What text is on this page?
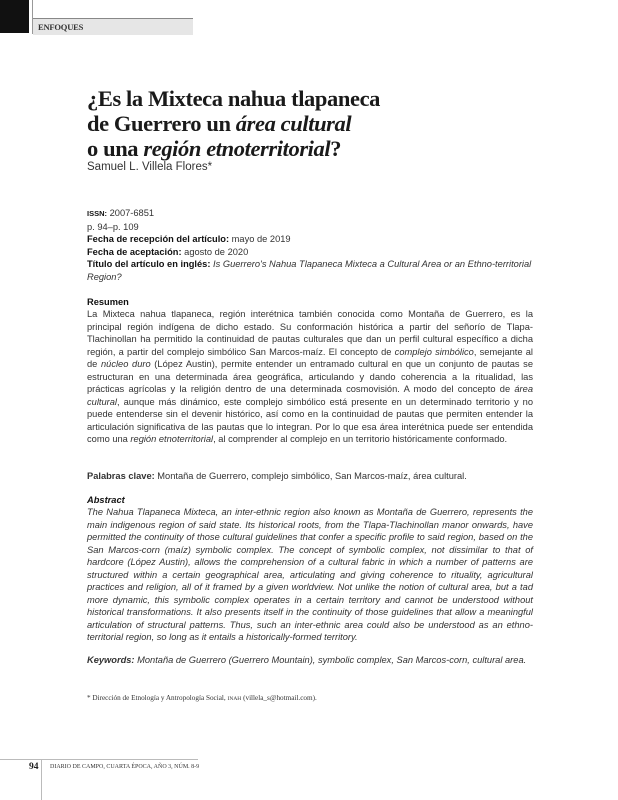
ENFOQUES
¿Es la Mixteca nahua tlapaneca
de Guerrero un área cultural
o una región etnoterritorial?
Samuel L. Villela Flores*
ISSN: 2007-6851
p. 94–p. 109
Fecha de recepción del artículo: mayo de 2019
Fecha de aceptación: agosto de 2020
Título del artículo en inglés: Is Guerrero's Nahua Tlapaneca Mixteca a Cultural Area or an Ethno-territorial Region?
Resumen

La Mixteca nahua tlapaneca, región interétnica también conocida como Montaña de Guerrero, es la principal región indígena de dicho estado. Su conformación histórica a partir del señorío de Tlapa-Tlachinollan ha permitido la continuidad de pautas culturales que dan un perfil cultural específico a dicha región, a partir del complejo simbólico San Marcos-maíz. El concepto de complejo simbólico, semejante al de núcleo duro (López Austin), permite entender un entramado cultural en que un conjunto de pautas se estructuran en una determinada área geográfica, articulando y dando coherencia a la ritualidad, las prácticas agrícolas y la religión dentro de una determinada cosmovisión. A modo del concepto de área cultural, aunque más dinámico, este complejo simbólico está presente en un determinado territorio y no puede entenderse sin el devenir histórico, así como en la continuidad de pautas que permiten entender la articulación significativa de las pautas que lo integran. Por lo que esa área interétnica puede ser entendida como una región etnoterritorial, al comprender al complejo en un territorio históricamente conformado.

Palabras clave: Montaña de Guerrero, complejo simbólico, San Marcos-maíz, área cultural.

Abstract

The Nahua Tlapaneca Mixteca, an inter-ethnic region also known as Montaña de Guerrero, represents the main indigenous region of said state. Its historical roots, from the Tlapa-Tlachinollan manor onwards, have permitted the continuity of those cultural guidelines that confer a specific profile to said region, based on the San Marcos-corn (maíz) symbolic complex. The concept of symbolic complex, not dissimilar to that of hardcore (López Austin), allows the comprehension of a cultural fabric in which a number of patterns are structured within a certain geographical area, articulating and giving coherence to rituality, agricultural practices and religion, all of it framed by a given worldview. Not unlike the notion of cultural area, but a tad more dynamic, this symbolic complex operates in a certain territory and cannot be understood without historical transformations. It also presents itself in the continuity of those guidelines that allow a meaningful articulation of structural patterns. Thus, such an inter-ethnic area could also be understood as an ethno-territorial region, so long as it entails a historically-formed territory.

Keywords: Montaña de Guerrero (Guerrero Mountain), symbolic complex, San Marcos-corn, cultural area.

* Dirección de Etnología y Antropología Social, INAH (villela_s@hotmail.com).
94 DIARIO DE CAMPO, CUARTA ÉPOCA, AÑO 3, NÚM. 8-9
